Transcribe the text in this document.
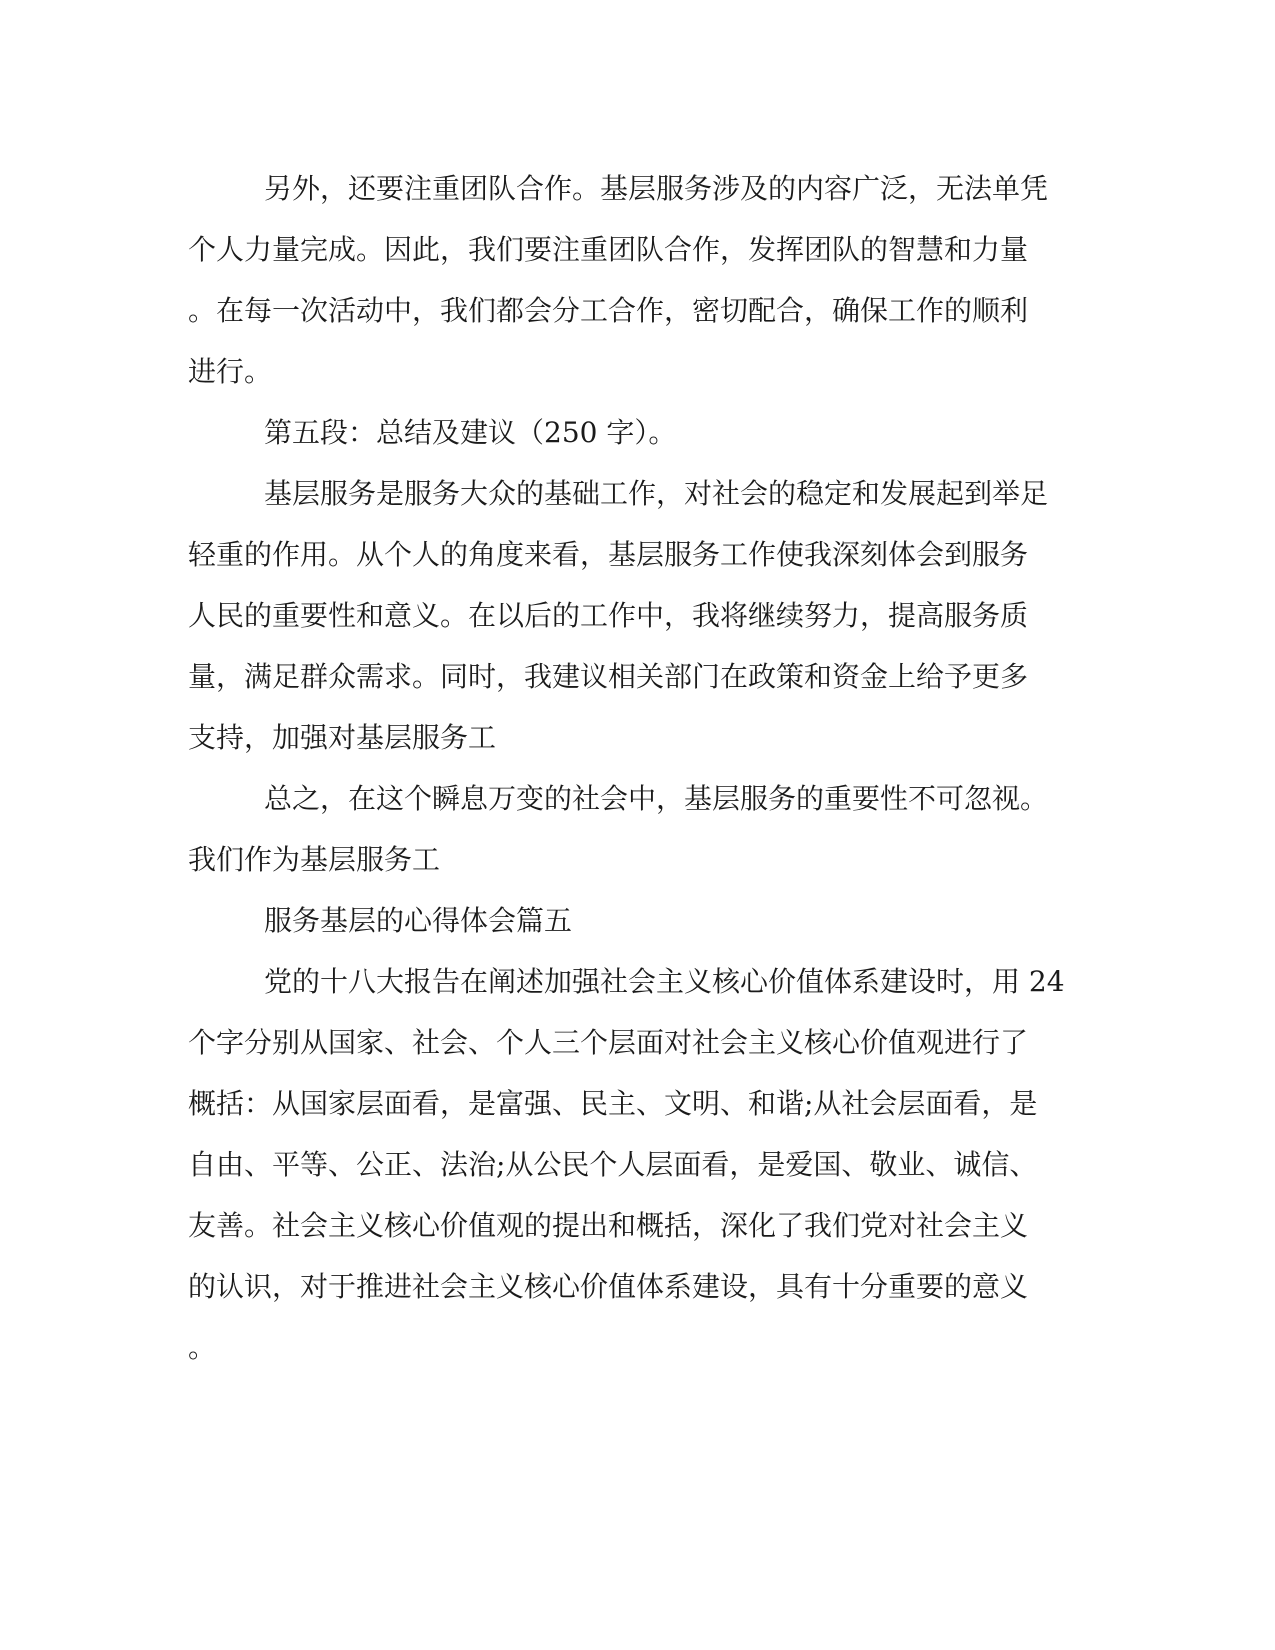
另外，还要注重团队合作。基层服务涉及的内容广泛，无法单凭
个人力量完成。因此，我们要注重团队合作，发挥团队的智慧和力量
。在每一次活动中，我们都会分工合作，密切配合，确保工作的顺利
进行。
第五段：总结及建议（250 字）。
基层服务是服务大众的基础工作，对社会的稳定和发展起到举足
轻重的作用。从个人的角度来看，基层服务工作使我深刻体会到服务
人民的重要性和意义。在以后的工作中，我将继续努力，提高服务质
量，满足群众需求。同时，我建议相关部门在政策和资金上给予更多
支持，加强对基层服务工
总之，在这个瞬息万变的社会中，基层服务的重要性不可忽视。
我们作为基层服务工
服务基层的心得体会篇五
党的十八大报告在阐述加强社会主义核心价值体系建设时，用 24
个字分别从国家、社会、个人三个层面对社会主义核心价值观进行了
概括：从国家层面看，是富强、民主、文明、和谐;从社会层面看，是
自由、平等、公正、法治;从公民个人层面看，是爱国、敬业、诚信、
友善。社会主义核心价值观的提出和概括，深化了我们党对社会主义
的认识，对于推进社会主义核心价值体系建设，具有十分重要的意义
。
